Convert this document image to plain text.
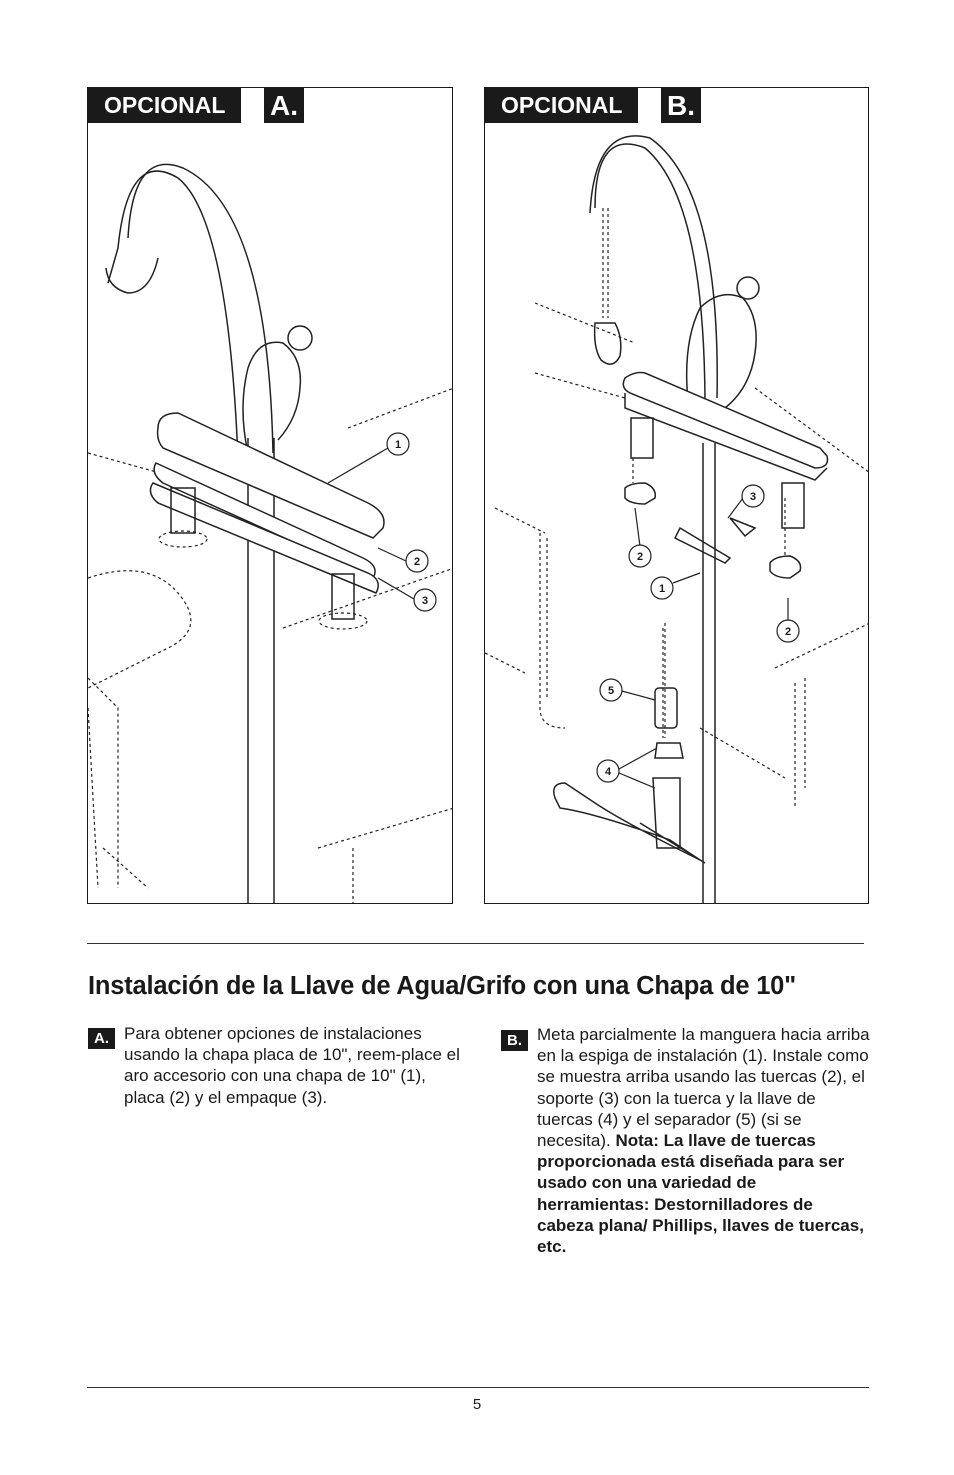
OPCIONAL	A.
1
2
3
OPCIONAL	B.
3
2
1
2
5
4
Instalación de la Llave de Agua/Grifo con una Chapa de 10"
A. Para obtener opciones de instalaciones usando la chapa placa de 10", reem-place el aro accesorio con una chapa de 10" (1), placa (2) y el empaque (3).
B. Meta parcialmente la manguera hacia arriba en la espiga de instalación (1). Instale como se muestra arriba usando las tuercas (2), el soporte (3) con la tuerca y la llave de tuercas (4) y el separador (5) (si se necesita). Nota: La llave de tuercas proporcionada está diseñada para ser usado con una variedad de herramientas: Destornilladores de cabeza plana/ Phillips, llaves de tuercas, etc.
5
